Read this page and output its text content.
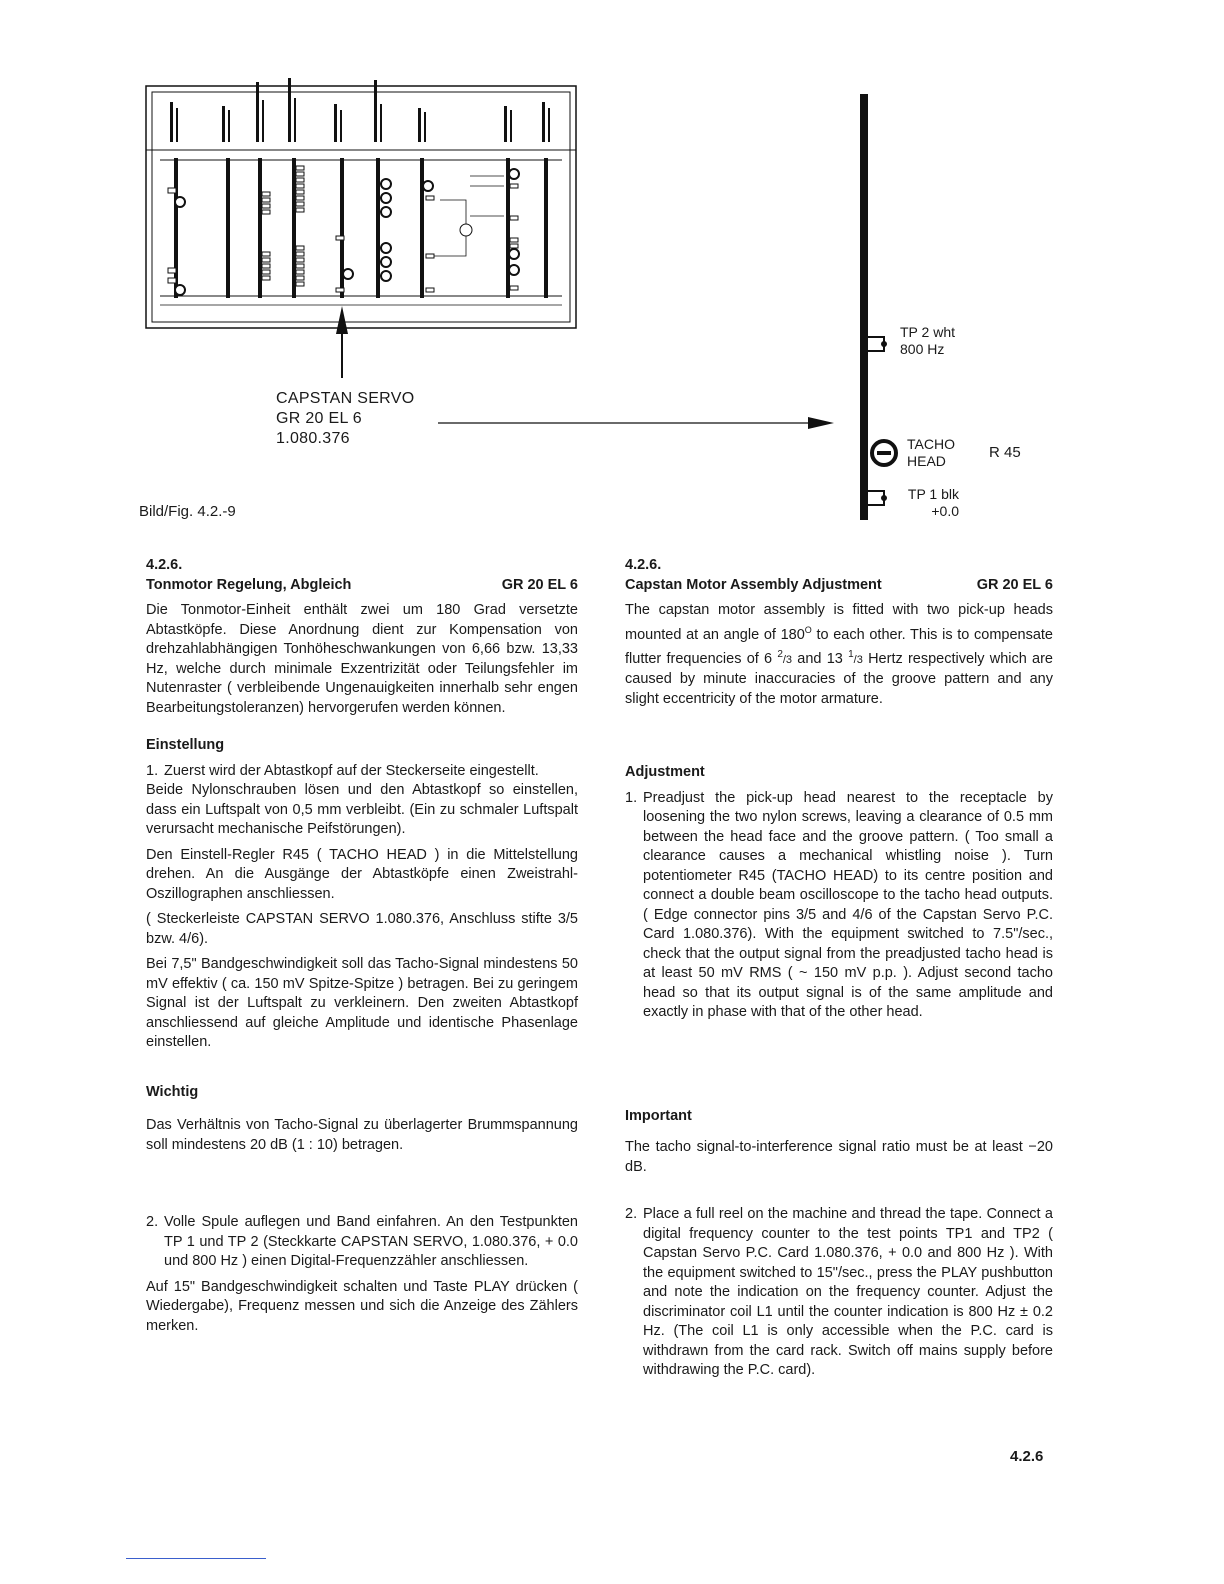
CAPSTAN SERVO
GR 20 EL 6
1.080.376
TP 2 wht
800 Hz
TACHO
HEAD	R 45
TP 1 blk
+0.0
Bild/Fig. 4.2.-9
4.2.6.
Tonmotor Regelung, Abgleich	GR 20 EL 6

Die Tonmotor-Einheit enthält zwei um 180 Grad versetzte Abtastköpfe. Diese Anordnung dient zur Kompensation von drehzahlabhängigen Tonhöheschwankungen von 6,66 bzw. 13,33 Hz, welche durch minimale Exzentrizität oder Teilungsfehler im Nutenraster ( verbleibende Ungenauigkeiten innerhalb sehr engen Bearbeitungstoleranzen) hervorgerufen werden können.

Einstellung
1. Zuerst wird der Abtastkopf auf der Steckerseite eingestellt.

Beide Nylonschrauben lösen und den Abtastkopf so einstellen, dass ein Luftspalt von 0,5 mm verbleibt. (Ein zu schmaler Luftspalt verursacht mechanische Peifstörungen).

Den Einstell-Regler R45 ( TACHO HEAD ) in die Mittelstellung drehen. An die Ausgänge der Abtastköpfe einen Zweistrahl-Oszillographen anschliessen.

( Steckerleiste CAPSTAN SERVO 1.080.376, Anschluss stifte 3/5 bzw. 4/6).

Bei 7,5" Bandgeschwindigkeit soll das Tacho-Signal mindestens 50 mV effektiv ( ca. 150 mV Spitze-Spitze ) betragen. Bei zu geringem Signal ist der Luftspalt zu verkleinern. Den zweiten Abtastkopf anschliessend auf gleiche Amplitude und identische Phasenlage einstellen.

Wichtig

Das Verhältnis von Tacho-Signal zu überlagerter Brummspannung soll mindestens 20 dB (1 : 10) betragen.

2. Volle Spule auflegen und Band einfahren. An den Testpunkten TP 1 und TP 2 (Steckkarte CAPSTAN SERVO, 1.080.376, + 0.0 und 800 Hz ) einen Digital-Frequenzzähler anschliessen.

Auf 15" Bandgeschwindigkeit schalten und Taste PLAY drücken ( Wiedergabe), Frequenz messen und sich die Anzeige des Zählers merken.

4.2.6.
Capstan Motor Assembly Adjustment	GR 20 EL 6

The capstan motor assembly is fitted with two pick-up heads mounted at an angle of $180^O$ to each other. This is to compensate flutter frequencies of 6 $^2$/3 and 13 $^1$/3 Hertz respectively which are caused by minute inaccuracies of the groove pattern and any slight eccentricity of the motor armature.

Adjustment
1. Preadjust the pick-up head nearest to the receptacle by loosening the two nylon screws, leaving a clearance of 0.5 mm between the head face and the groove pattern. ( Too small a clearance causes a mechanical whistling noise ). Turn potentiometer R45 (TACHO HEAD) to its centre position and connect a double beam oscilloscope to the tacho head outputs. ( Edge connector pins 3/5 and 4/6 of the Capstan Servo P.C. Card 1.080.376). With the equipment switched to 7.5"/sec., check that the output signal from the preadjusted tacho head is at least 50 mV RMS ( ~ 150 mV p.p. ). Adjust second tacho head so that its output signal is of the same amplitude and exactly in phase with that of the other head.
Important

The tacho signal-to-interference signal ratio must be at least −20 dB.

2. Place a full reel on the machine and thread the tape. Connect a digital frequency counter to the test points TP1 and TP2 ( Capstan Servo P.C. Card 1.080.376, + 0.0 and 800 Hz ). With the equipment switched to 15"/sec., press the PLAY pushbutton and note the indication on the frequency counter. Adjust the discriminator coil L1 until the counter indication is 800 Hz ± 0.2 Hz. (The coil L1 is only accessible when the P.C. card is withdrawn from the card rack. Switch off mains supply before withdrawing the P.C. card).
4.2.6
